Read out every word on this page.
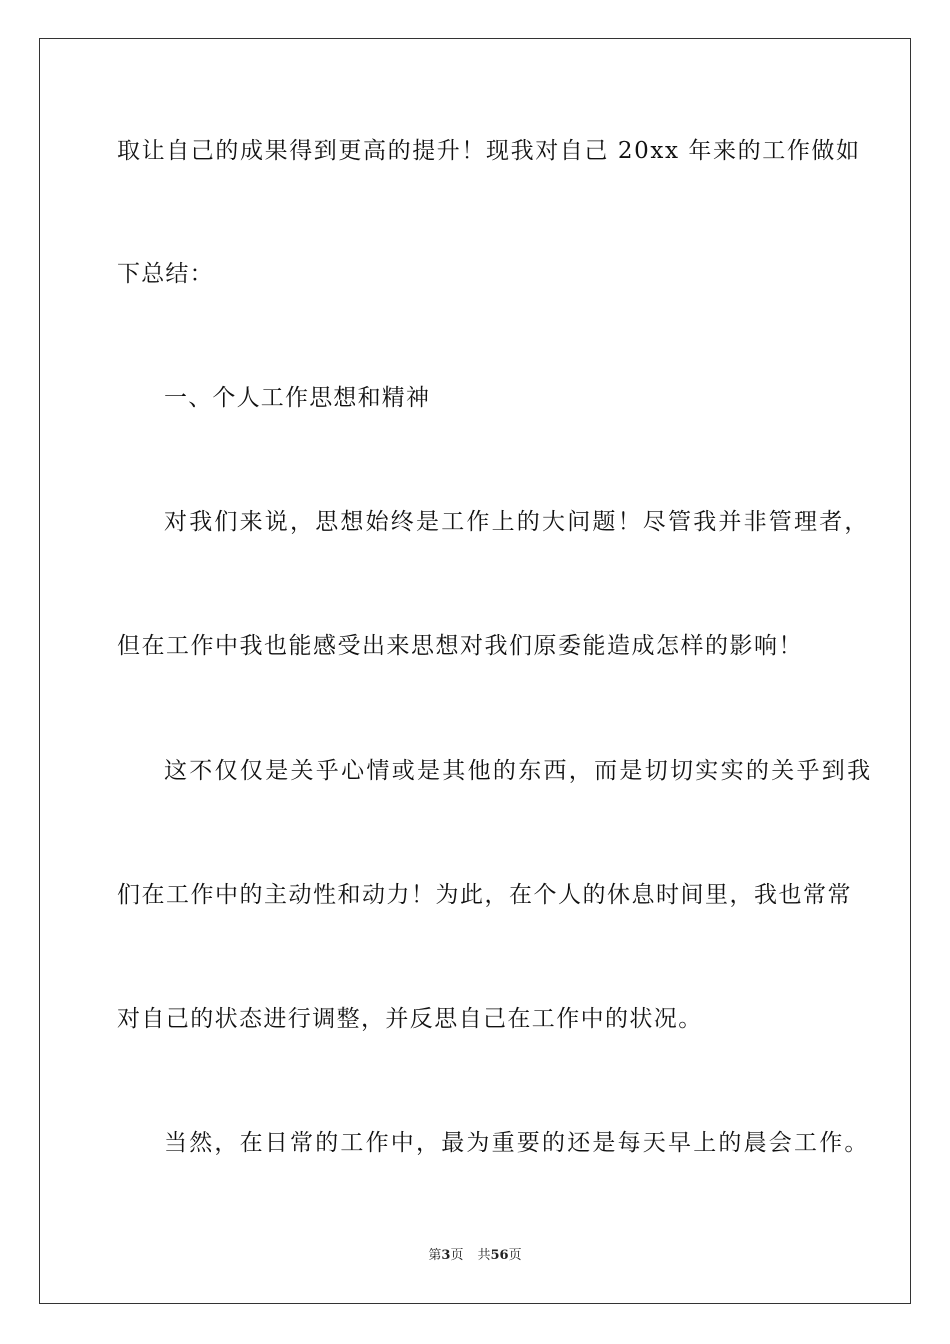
取让自己的成果得到更高的提升！现我对自己 20xx 年来的工作做如
下总结：
一、个人工作思想和精神
对我们来说，思想始终是工作上的大问题！尽管我并非管理者，
但在工作中我也能感受出来思想对我们原委能造成怎样的影响！
这不仅仅是关乎心情或是其他的东西，而是切切实实的关乎到我
们在工作中的主动性和动力！为此，在个人的休息时间里，我也常常
对自己的状态进行调整，并反思自己在工作中的状况。
当然，在日常的工作中，最为重要的还是每天早上的晨会工作。
第3页 共56页
